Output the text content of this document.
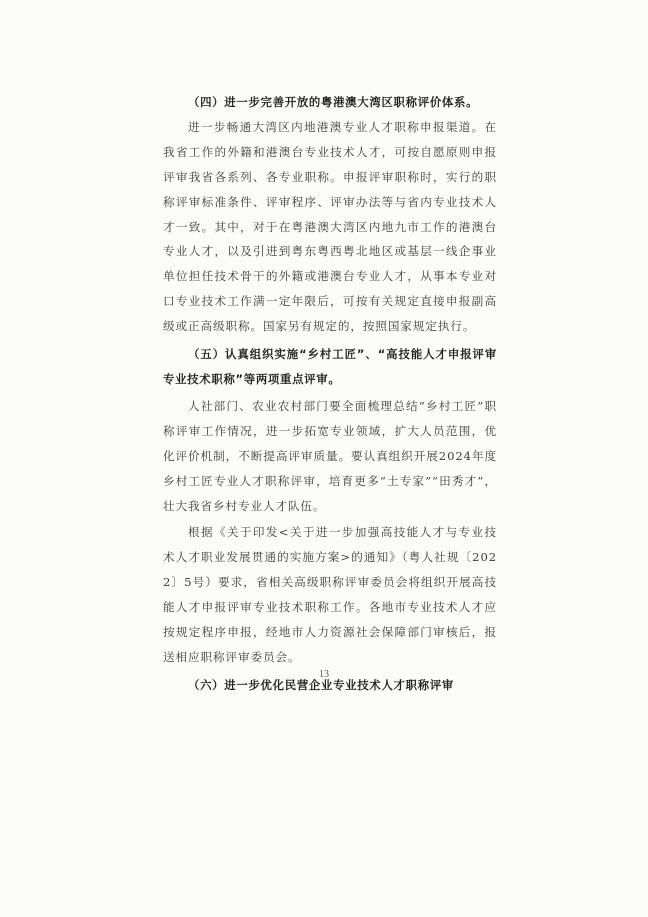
（四）进一步完善开放的粤港澳大湾区职称评价体系。

进一步畅通大湾区内地港澳专业人才职称申报渠道。在我省工作的外籍和港澳台专业技术人才，可按自愿原则申报评审我省各系列、各专业职称。申报评审职称时，实行的职称评审标准条件、评审程序、评审办法等与省内专业技术人才一致。其中，对于在粤港澳大湾区内地九市工作的港澳台专业人才，以及引进到粤东粤西粤北地区或基层一线企事业单位担任技术骨干的外籍或港澳台专业人才，从事本专业对口专业技术工作满一定年限后，可按有关规定直接申报副高级或正高级职称。国家另有规定的，按照国家规定执行。

（五）认真组织实施“乡村工匠”、“高技能人才申报评审专业技术职称”等两项重点评审。

人社部门、农业农村部门要全面梳理总结“乡村工匠”职称评审工作情况，进一步拓宽专业领域，扩大人员范围，优化评价机制，不断提高评审质量。要认真组织开展2024年度乡村工匠专业人才职称评审，培育更多“土专家”“田秀才”，壮大我省乡村专业人才队伍。

根据《关于印发<关于进一步加强高技能人才与专业技术人才职业发展贯通的实施方案>的通知》（粤人社规〔2022〕5号）要求，省相关高级职称评审委员会将组织开展高技能人才申报评审专业技术职称工作。各地市专业技术人才应按规定程序申报，经地市人力资源社会保障部门审核后，报送相应职称评审委员会。

（六）进一步优化民营企业专业技术人才职称评审

13
